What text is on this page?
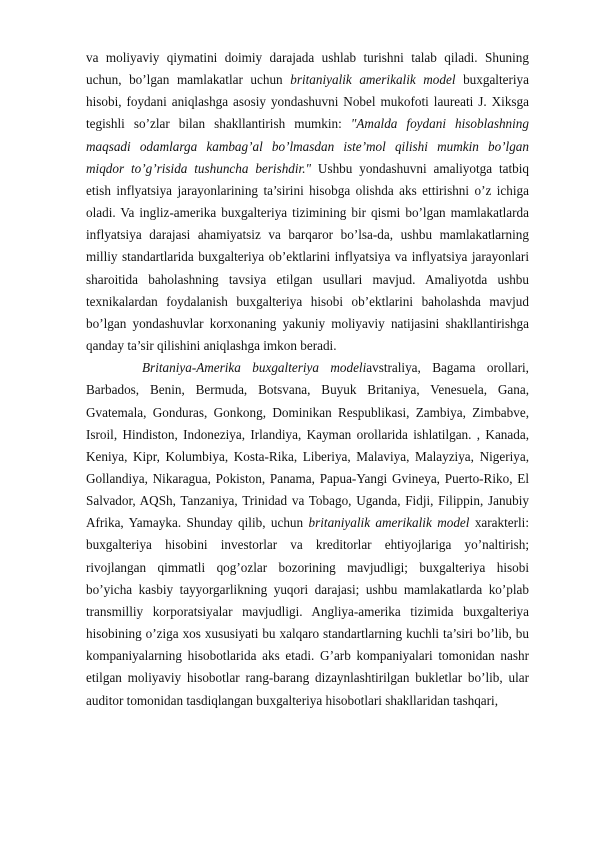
va moliyaviy qiymatini doimiy darajada ushlab turishni talab qiladi. Shuning uchun, bo’lgan mamlakatlar uchun britaniyalik amerikalik model buxgalteriya hisobi, foydani aniqlashga asosiy yondashuvni Nobel mukofoti laureati J. Xiksga tegishli so’zlar bilan shakllantirish mumkin: "Amalda foydani hisoblashning maqsadi odamlarga kambag’al bo’lmasdan iste’mol qilishi mumkin bo’lgan miqdor to’g’risida tushuncha berishdir." Ushbu yondashuvni amaliyotga tatbiq etish inflyatsiya jarayonlarining ta’sirini hisobga olishda aks ettirishni o’z ichiga oladi. Va ingliz-amerika buxgalteriya tizimining bir qismi bo’lgan mamlakatlarda inflyatsiya darajasi ahamiyatsiz va barqaror bo’lsa-da, ushbu mamlakatlarning milliy standartlarida buxgalteriya ob’ektlarini inflyatsiya va inflyatsiya jarayonlari sharoitida baholashning tavsiya etilgan usullari mavjud. Amaliyotda ushbu texnikalardan foydalanish buxgalteriya hisobi ob’ektlarini baholashda mavjud bo’lgan yondashuvlar korxonaning yakuniy moliyaviy natijasini shakllantirishga qanday ta’sir qilishini aniqlashga imkon beradi.

Britaniya-Amerika buxgalteriya modeliavstraliya, Bagama orollari, Barbados, Benin, Bermuda, Botsvana, Buyuk Britaniya, Venesuela, Gana, Gvatemala, Gonduras, Gonkong, Dominikan Respublikasi, Zambiya, Zimbabve, Isroil, Hindiston, Indoneziya, Irlandiya, Kayman orollarida ishlatilgan. , Kanada, Keniya, Kipr, Kolumbiya, Kosta-Rika, Liberiya, Malaviya, Malayziya, Nigeriya, Gollandiya, Nikaragua, Pokiston, Panama, Papua-Yangi Gvineya, Puerto-Riko, El Salvador, AQSh, Tanzaniya, Trinidad va Tobago, Uganda, Fidji, Filippin, Janubiy Afrika, Yamayka. Shunday qilib, uchun britaniyalik amerikalik model xarakterli: buxgalteriya hisobini investorlar va kreditorlar ehtiyojlariga yo’naltirish; rivojlangan qimmatli qog’ozlar bozorining mavjudligi; buxgalteriya hisobi bo’yicha kasbiy tayyorgarlikning yuqori darajasi; ushbu mamlakatlarda ko’plab transmilliy korporatsiyalar mavjudligi. Angliya-amerika tizimida buxgalteriya hisobining o’ziga xos xususiyati bu xalqaro standartlarning kuchli ta’siri bo’lib, bu kompaniyalarning hisobotlarida aks etadi. G’arb kompaniyalari tomonidan nashr etilgan moliyaviy hisobotlar rang-barang dizaynlashtirilgan bukletlar bo’lib, ular auditor tomonidan tasdiqlangan buxgalteriya hisobotlari shakllaridan tashqari,
